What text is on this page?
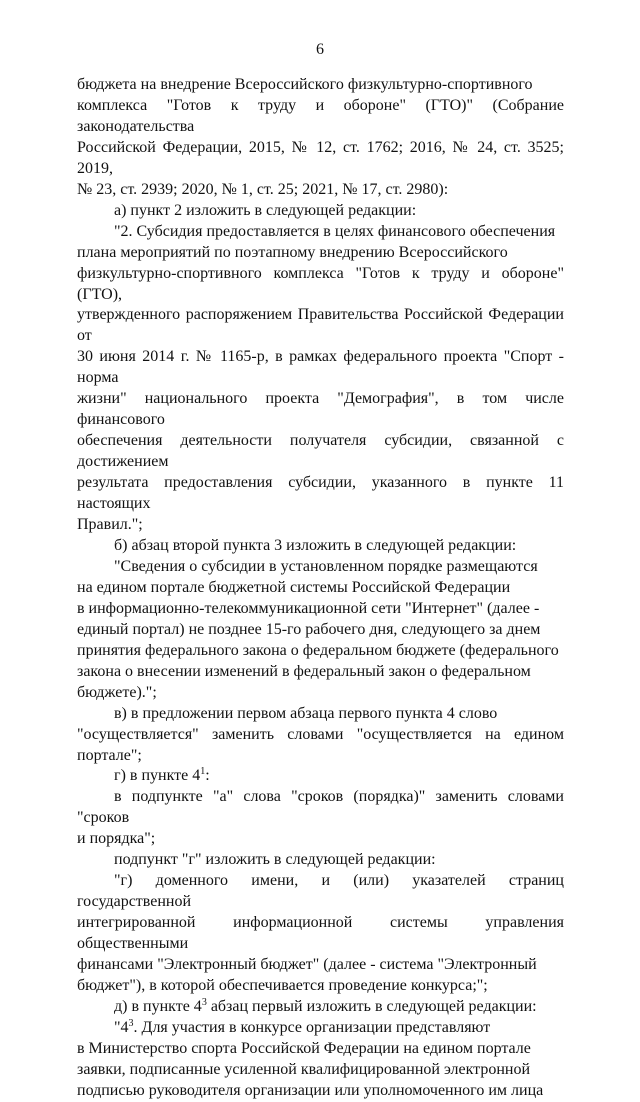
6

бюджета на внедрение Всероссийского физкультурно-спортивного
комплекса "Готов к труду и обороне" (ГТО)" (Собрание законодательства
Российской Федерации, 2015, № 12, ст. 1762; 2016, № 24, ст. 3525; 2019,
№ 23, ст. 2939; 2020, № 1, ст. 25; 2021, № 17, ст. 2980):

а) пункт 2 изложить в следующей редакции:

"2. Субсидия предоставляется в целях финансового обеспечения
плана мероприятий по поэтапному внедрению Всероссийского
физкультурно-спортивного комплекса "Готов к труду и обороне" (ГТО),
утвержденного распоряжением Правительства Российской Федерации от
30 июня 2014 г. № 1165-р, в рамках федерального проекта "Спорт - норма
жизни" национального проекта "Демография", в том числе финансового
обеспечения деятельности получателя субсидии, связанной с достижением
результата предоставления субсидии, указанного в пункте 11 настоящих
Правил.";

б) абзац второй пункта 3 изложить в следующей редакции:

"Сведения о субсидии в установленном порядке размещаются
на едином портале бюджетной системы Российской Федерации
в информационно-телекоммуникационной сети "Интернет" (далее -
единый портал) не позднее 15-го рабочего дня, следующего за днем
принятия федерального закона о федеральном бюджете (федерального
закона о внесении изменений в федеральный закон о федеральном
бюджете).";

в) в предложении первом абзаца первого пункта 4 слово
"осуществляется" заменить словами "осуществляется на едином портале";

г) в пункте $4^1$:

в подпункте "а" слова "сроков (порядка)" заменить словами "сроков
и порядка";

подпункт "г" изложить в следующей редакции:

"г) доменного имени, и (или) указателей страниц государственной
интегрированной информационной системы управления общественными
финансами "Электронный бюджет" (далее - система "Электронный
бюджет"), в которой обеспечивается проведение конкурса;";

д) в пункте $4^3$ абзац первый изложить в следующей редакции:

"$4^3$. Для участия в конкурсе организации представляют
в Министерство спорта Российской Федерации на едином портале
заявки, подписанные усиленной квалифицированной электронной
подписью руководителя организации или уполномоченного им лица
